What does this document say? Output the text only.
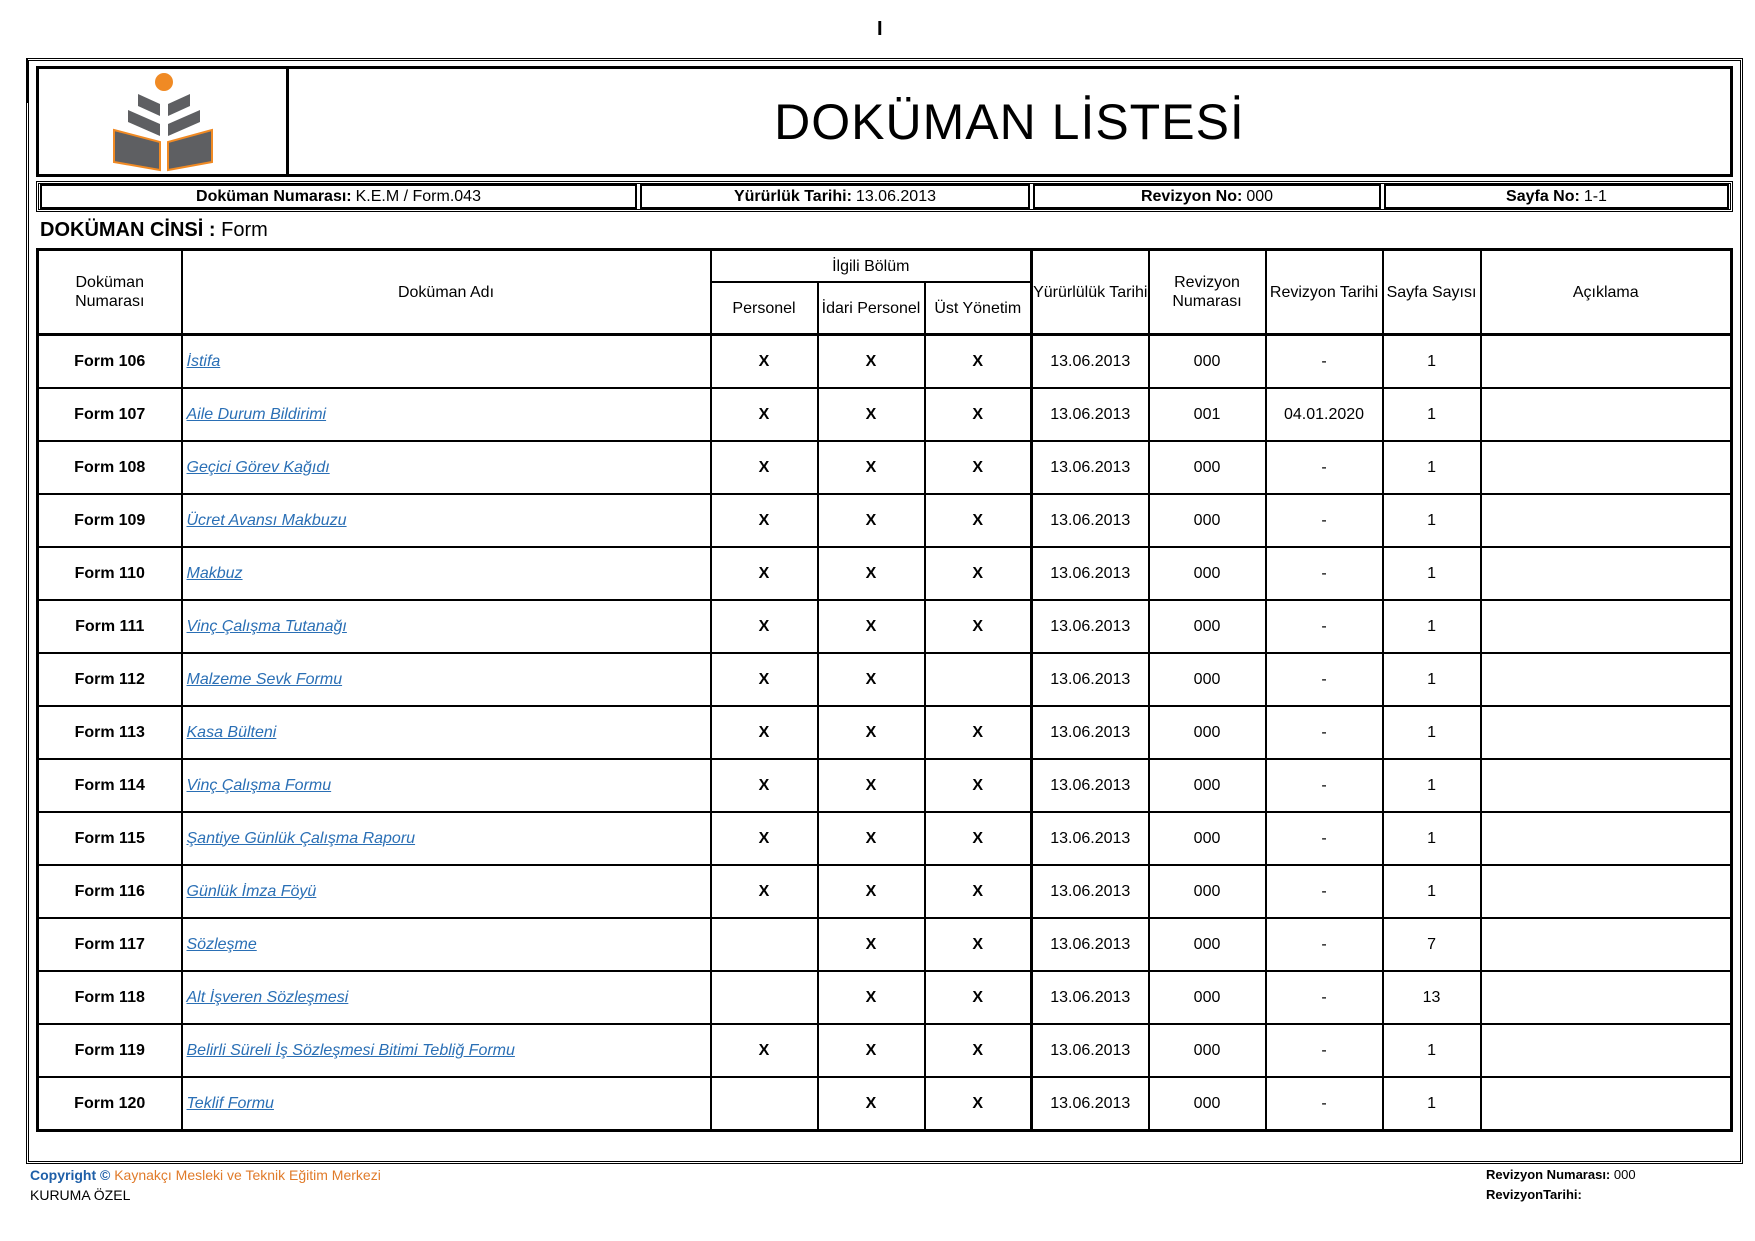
I
DOKÜMAN LİSTESİ
Doküman Numarası: K.E.M / Form.043	Yürürlük Tarihi: 13.06.2013	Revizyon No: 000	Sayfa No: 1-1
DOKÜMAN CİNSİ : Form
Doküman Numarası	Doküman Adı	İlgili Bölüm			Yürürlülük Tarihi	Revizyon Numarası	Revizyon Tarihi	Sayfa Sayısı	Açıklama
		Personel	İdari Personel	Üst Yönetim					
Form 106	İstifa	X	X	X	13.06.2013	000	-	1	
Form 107	Aile Durum Bildirimi	X	X	X	13.06.2013	001	04.01.2020	1	
Form 108	Geçici Görev Kağıdı	X	X	X	13.06.2013	000	-	1	
Form 109	Ücret Avansı Makbuzu	X	X	X	13.06.2013	000	-	1	
Form 110	Makbuz	X	X	X	13.06.2013	000	-	1	
Form 111	Vinç Çalışma Tutanağı	X	X	X	13.06.2013	000	-	1	
Form 112	Malzeme Sevk Formu	X	X		13.06.2013	000	-	1	
Form 113	Kasa Bülteni	X	X	X	13.06.2013	000	-	1	
Form 114	Vinç Çalışma Formu	X	X	X	13.06.2013	000	-	1	
Form 115	Şantiye Günlük Çalışma Raporu	X	X	X	13.06.2013	000	-	1	
Form 116	Günlük İmza Föyü	X	X	X	13.06.2013	000	-	1	
Form 117	Sözleşme		X	X	13.06.2013	000	-	7	
Form 118	Alt İşveren Sözleşmesi		X	X	13.06.2013	000	-	13	
Form 119	Belirli Süreli İş Sözleşmesi Bitimi Tebliğ Formu	X	X	X	13.06.2013	000	-	1	
Form 120	Teklif Formu		X	X	13.06.2013	000	-	1	
Copyright © Kaynakçı Mesleki ve Teknik Eğitim Merkezi
KURUMA ÖZEL
Revizyon Numarası: 000
RevizyonTarihi:
